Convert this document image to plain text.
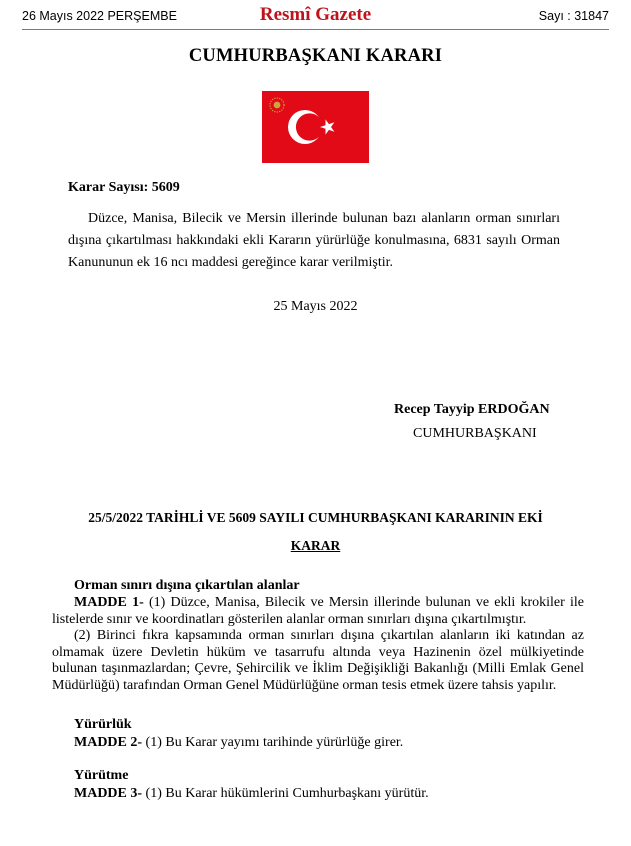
26 Mayıs 2022 PERŞEMBE	Resmî Gazete	Sayı : 31847
CUMHURBAŞKANI KARARI
Karar Sayısı: 5609
Düzce, Manisa, Bilecik ve Mersin illerinde bulunan bazı alanların orman sınırları dışına çıkartılması hakkındaki ekli Kararın yürürlüğe konulmasına, 6831 sayılı Orman Kanununun ek 16 ncı maddesi gereğince karar verilmiştir.
25 Mayıs 2022
Recep Tayyip ERDOĞAN
CUMHURBAŞKANI
25/5/2022 TARİHLİ VE 5609 SAYILI CUMHURBAŞKANI KARARININ EKİ
KARAR
Orman sınırı dışına çıkartılan alanlar

MADDE 1- (1) Düzce, Manisa, Bilecik ve Mersin illerinde bulunan ve ekli krokiler ile listelerde sınır ve koordinatları gösterilen alanlar orman sınırları dışına çıkartılmıştır.

(2) Birinci fıkra kapsamında orman sınırları dışına çıkartılan alanların iki katından az olmamak üzere Devletin hüküm ve tasarrufu altında veya Hazinenin özel mülkiyetinde bulunan taşınmazlardan; Çevre, Şehircilik ve İklim Değişikliği Bakanlığı (Milli Emlak Genel Müdürlüğü) tarafından Orman Genel Müdürlüğüne orman tesis etmek üzere tahsis yapılır.

Yürürlük
MADDE 2- (1) Bu Karar yayımı tarihinde yürürlüğe girer.
Yürütme
MADDE 3- (1) Bu Karar hükümlerini Cumhurbaşkanı yürütür.
